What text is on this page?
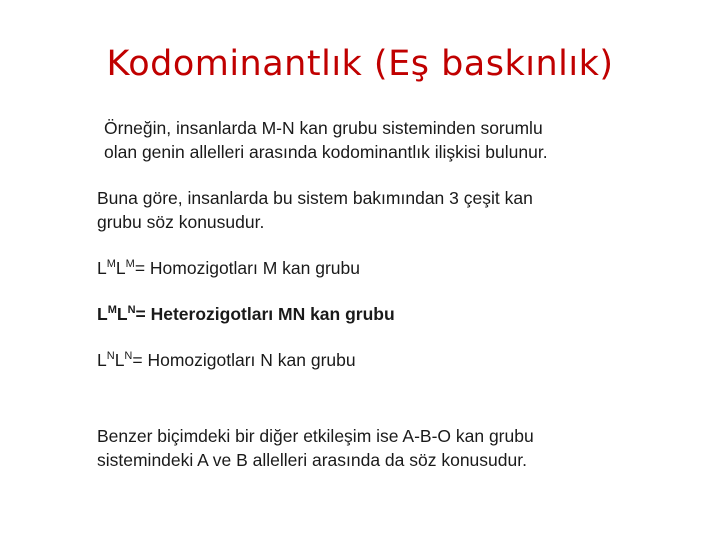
Kodominantlık (Eş baskınlık)
Örneğin, insanlarda M-N kan grubu sisteminden sorumlu
olan genin allelleri arasında kodominantlık ilişkisi bulunur.
Buna göre, insanlarda bu sistem bakımından 3 çeşit kan
grubu söz konusudur.
$L^ML^M=$ Homozigotları M kan grubu
$L^ML^N=$ Heterozigotları MN kan grubu
$L^NL^N=$ Homozigotları N kan grubu
Benzer biçimdeki bir diğer etkileşim ise A-B-O kan grubu
sistemindeki A ve B allelleri arasında da söz konusudur.
